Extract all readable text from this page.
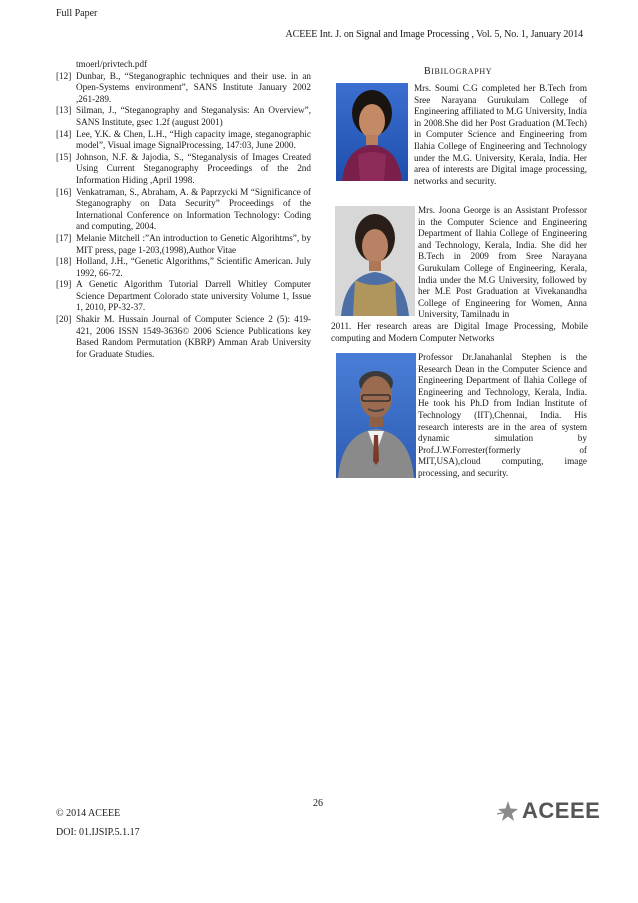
Full Paper
ACEEE Int. J. on Signal and Image Processing , Vol. 5, No. 1, January 2014
tmoerl/privtech.pdf
[12] Dunbar, B., “Steganographic techniques and their use. in an Open-Systems environment”, SANS Institute January 2002 ,261-289.
[13] Silman, J., “Steganography and Steganalysis: An Overview”, SANS Institute, gsec 1.2f (august 2001)
[14] Lee, Y.K. & Chen, L.H., “High capacity image, steganographic model”, Visual image SignalProcessing, 147:03, June 2000.
[15] Johnson, N.F. & Jajodia, S., “Steganalysis of Images Created Using Current Steganography Proceedings of the 2nd Information Hiding ,April 1998.
[16] Venkatraman, S., Abraham, A. & Paprzycki M “Significance of Steganography on Data Security” Proceedings of the International Conference on Information Technology: Coding and computing, 2004.
[17] Melanie Mitchell :”An introduction to Genetic Algorihtms”, by MIT press, page 1-203,(1998),Author Vitae
[18] Holland, J.H., “Genetic Algorithms,” Scientific American. July 1992, 66-72.
[19] A Genetic Algorithm Tutorial Darrell Whitley Computer Science Department Colorado state university Volume 1, Issue 1, 2010, PP-32-37.
[20] Shakir M. Hussain Journal of Computer Science 2 (5): 419-421, 2006 ISSN 1549-3636© 2006 Science Publications key Based Random Permutation (KBRP) Amman Arab University for Graduate Studies.
BIBILOGRAPHY
Mrs. Soumi C.G completed her B.Tech from Sree Narayana Gurukulam College of Engineering affiliated to M.G University, India in 2008.She did her Post Graduation (M.Tech) in Computer Science and Engineering from Ilahia College of Engineering and Technology under the M.G. University, Kerala, India. Her area of interests are Digital image processing, networks and security.
Mrs. Joona George is an Assistant Professor in the Computer Science and Engineering Department of Ilahia College of Engineering and Technology, Kerala, India. She did her B.Tech in 2009 from Sree Narayana Gurukulam College of Engineering, Kerala, India under the M.G University, followed by her M.E Post Graduation at Vivekanandha College of Engineering for Women, Anna University, Tamilnadu in
2011. Her research areas are Digital Image Processing, Mobile computing and Modern Computer Networks
Professor Dr.Janahanlal Stephen is the Research Dean in the Computer Science and Engineering Department of Ilahia College of Engineering and Technology, Kerala, India. He took his Ph.D from Indian Institute of Technology (IIT),Chennai, India. His research interests are in the area of system dynamic simulation by Prof.J.W.Forrester(formerly of MIT,USA),cloud computing, image processing, and security.
© 2014 ACEEE
DOI: 01.IJSIP.5.1.17
26	ACEEE
